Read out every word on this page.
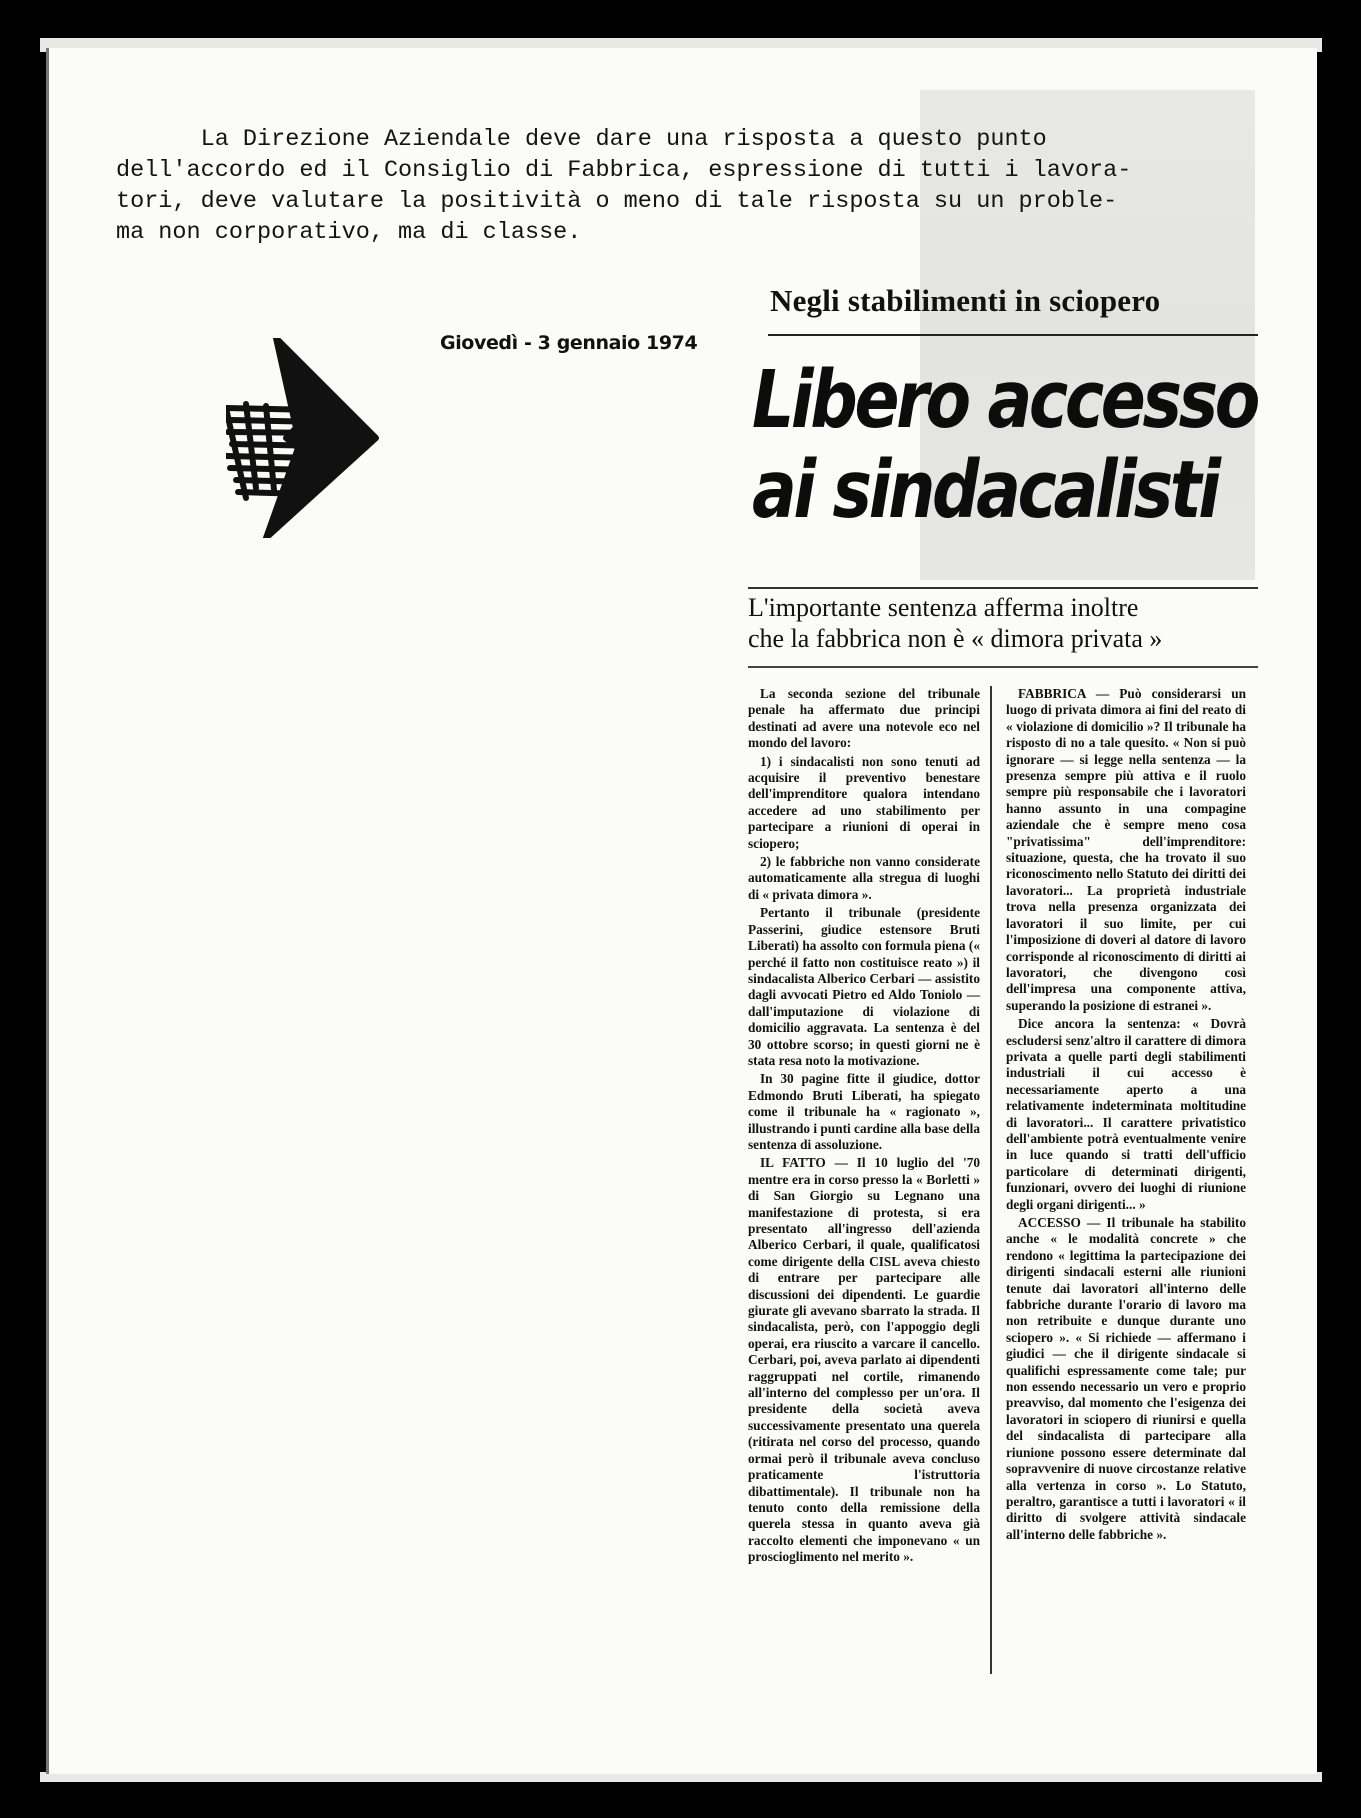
La Direzione Aziendale deve dare una risposta a questo punto

dell'accordo ed il Consiglio di Fabbrica, espressione di tutti i lavora-

tori, deve valutare la positività o meno di tale risposta su un proble-

ma non corporativo, ma di classe.

Giovedì - 3 gennaio 1974
Negli stabilimenti in sciopero
Libero accesso
ai sindacalisti
L'importante sentenza afferma inoltre
che la fabbrica non è « dimora privata »

La seconda sezione del tribunale penale ha affermato due principi destinati ad avere una notevole eco nel mondo del lavoro:

1) i sindacalisti non sono tenuti ad acquisire il preventivo benestare dell'imprenditore qualora intendano accedere ad uno stabilimento per partecipare a riunioni di operai in sciopero;

2) le fabbriche non vanno considerate automaticamente alla stregua di luoghi di « privata dimora ».

Pertanto il tribunale (presidente Passerini, giudice estensore Bruti Liberati) ha assolto con formula piena (« perché il fatto non costituisce reato ») il sindacalista Alberico Cerbari — assistito dagli avvocati Pietro ed Aldo Toniolo — dall'imputazione di violazione di domicilio aggravata. La sentenza è del 30 ottobre scorso; in questi giorni ne è stata resa noto la motivazione.

In 30 pagine fitte il giudice, dottor Edmondo Bruti Liberati, ha spiegato come il tribunale ha « ragionato », illustrando i punti cardine alla base della sentenza di assoluzione.

IL FATTO — Il 10 luglio del '70 mentre era in corso presso la « Borletti » di San Giorgio su Legnano una manifestazione di protesta, si era presentato all'ingresso dell'azienda Alberico Cerbari, il quale, qualificatosi come dirigente della CISL aveva chiesto di entrare per partecipare alle discussioni dei dipendenti. Le guardie giurate gli avevano sbarrato la strada. Il sindacalista, però, con l'appoggio degli operai, era riuscito a varcare il cancello. Cerbari, poi, aveva parlato ai dipendenti raggruppati nel cortile, rimanendo all'interno del complesso per un'ora. Il presidente della società aveva successivamente presentato una querela (ritirata nel corso del processo, quando ormai però il tribunale aveva concluso praticamente l'istruttoria dibattimentale). Il tribunale non ha tenuto conto della remissione della querela stessa in quanto aveva già raccolto elementi che imponevano « un proscioglimento nel merito ».

FABBRICA — Può considerarsi un luogo di privata dimora ai fini del reato di « violazione di domicilio »? Il tribunale ha risposto di no a tale quesito. « Non si può ignorare — si legge nella sentenza — la presenza sempre più attiva e il ruolo sempre più responsabile che i lavoratori hanno assunto in una compagine aziendale che è sempre meno cosa "privatissima" dell'imprenditore: situazione, questa, che ha trovato il suo riconoscimento nello Statuto dei diritti dei lavoratori... La proprietà industriale trova nella presenza organizzata dei lavoratori il suo limite, per cui l'imposizione di doveri al datore di lavoro corrisponde al riconoscimento di diritti ai lavoratori, che divengono così dell'impresa una componente attiva, superando la posizione di estranei ».

Dice ancora la sentenza: « Dovrà escludersi senz'altro il carattere di dimora privata a quelle parti degli stabilimenti industriali il cui accesso è necessariamente aperto a una relativamente indeterminata moltitudine di lavoratori... Il carattere privatistico dell'ambiente potrà eventualmente venire in luce quando si tratti dell'ufficio particolare di determinati dirigenti, funzionari, ovvero dei luoghi di riunione degli organi dirigenti... »

ACCESSO — Il tribunale ha stabilito anche « le modalità concrete » che rendono « legittima la partecipazione dei dirigenti sindacali esterni alle riunioni tenute dai lavoratori all'interno delle fabbriche durante l'orario di lavoro ma non retribuite e dunque durante uno sciopero ». « Si richiede — affermano i giudici — che il dirigente sindacale si qualifichi espressamente come tale; pur non essendo necessario un vero e proprio preavviso, dal momento che l'esigenza dei lavoratori in sciopero di riunirsi e quella del sindacalista di partecipare alla riunione possono essere determinate dal sopravvenire di nuove circostanze relative alla vertenza in corso ». Lo Statuto, peraltro, garantisce a tutti i lavoratori « il diritto di svolgere attività sindacale all'interno delle fabbriche ».
